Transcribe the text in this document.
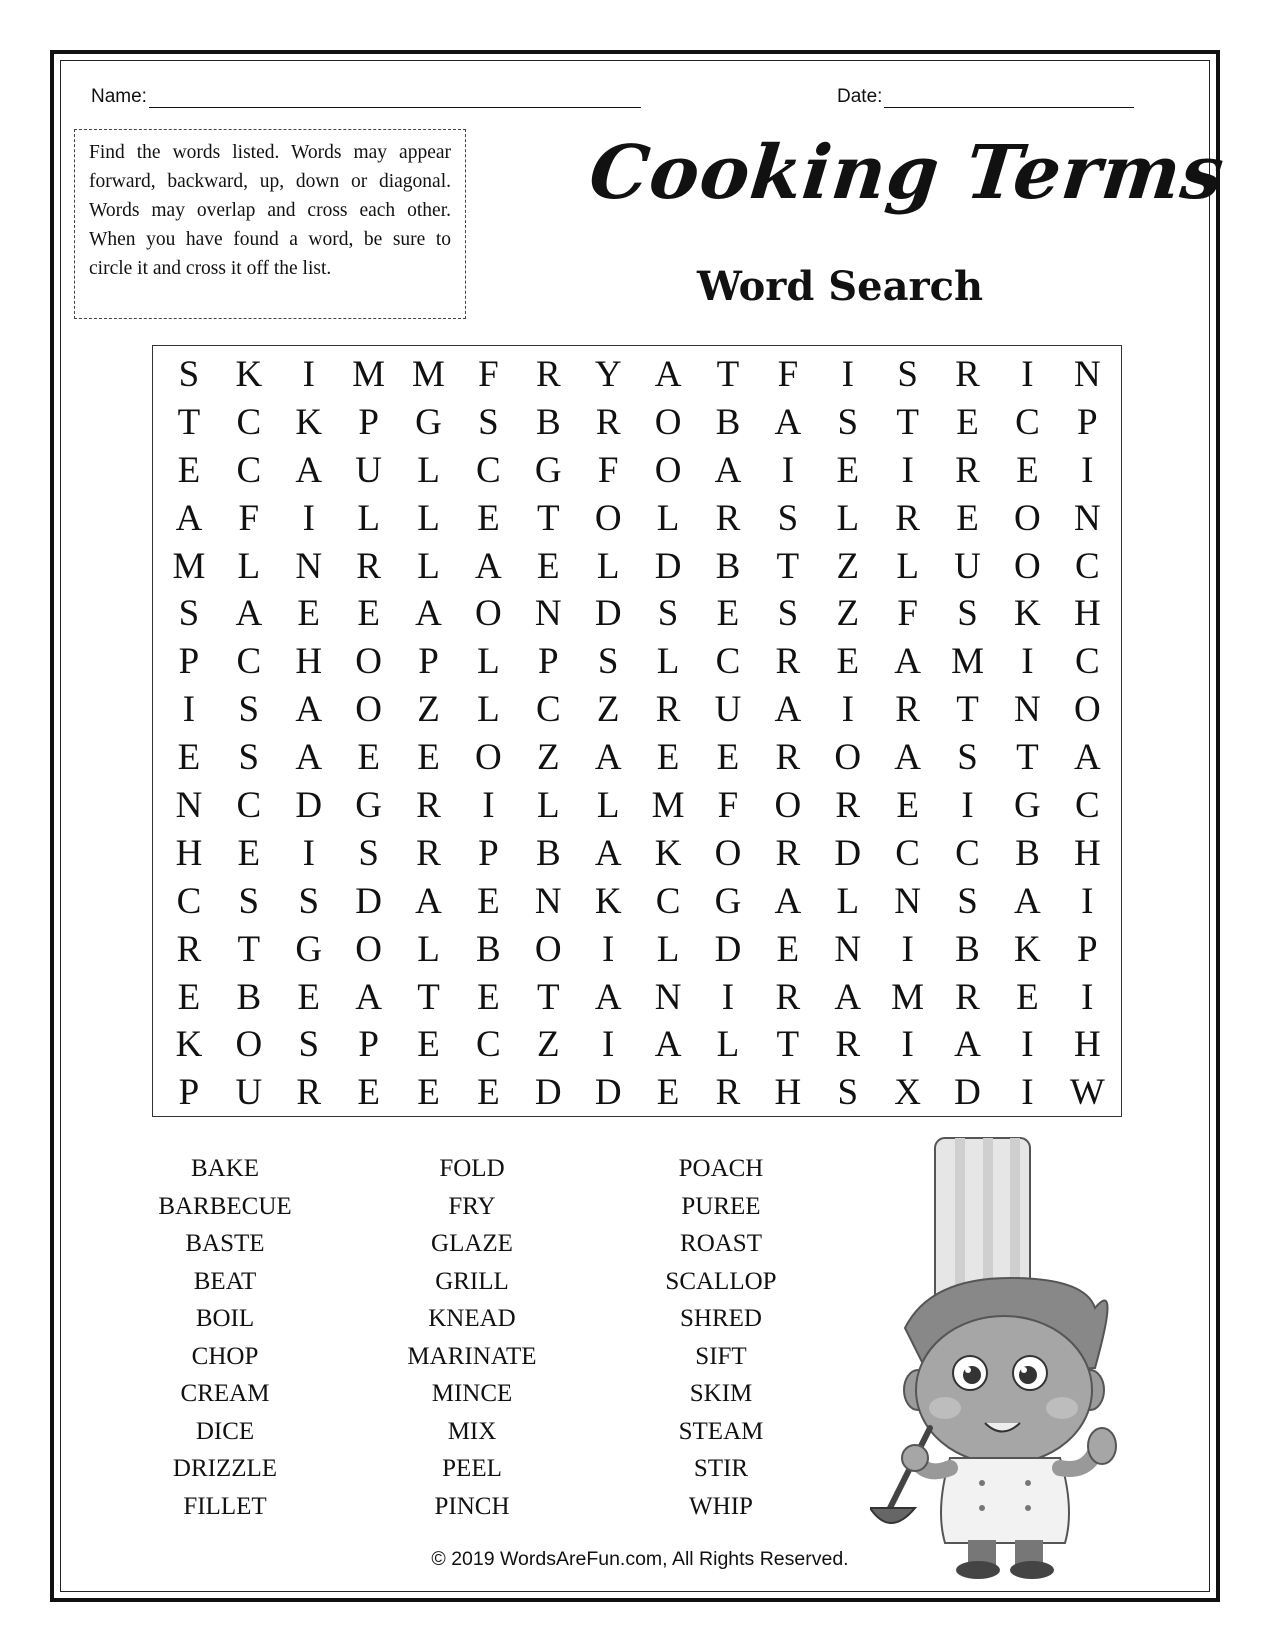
Name:	Date:
Find the words listed. Words may appear forward, backward, up, down or diagonal. Words may overlap and cross each other. When you have found a word, be sure to circle it and cross it off the list.
Cooking Terms
Word Search
S K	I	M M F	R Y A T	F	I	S	R	I	N
T C K P G S	B R O B A S	T	E C	P
E C A U L C G F O A	I	E	I	R E	I
A F	I	L	L	E	T O L R	S	L R E O N
M L N R L A E	L D B T	Z	L U O C
S A E	E A O N D S	E	S	Z	F	S K H
P	C H O P	L	P	S	L C R E A M	I	C
I	S A O Z	L C Z R U A	I	R T N O
E	S A E	E O Z A E	E R O A S	T A
N C D G R	I	L	L M F O R E	I	G C
H E	I	S	R	P	B A K O R D C C B H
C	S	S D A E N K C G A L N S A	I
R T G O L B O	I	L D E N	I	B K P
E B E A T	E	T A N	I	R A M R E	I
K O S	P	E C Z	I	A L	T R	I	A	I	H
P U R E	E	E D D E R H S X D	I W
BAKE
BARBECUE
BASTE
BEAT
BOIL
CHOP
CREAM
DICE
DRIZZLE
FILLET
FOLD
FRY
GLAZE
GRILL
KNEAD
MARINATE
MINCE
MIX
PEEL
PINCH
POACH
PUREE
ROAST
SCALLOP
SHRED
SIFT
SKIM
STEAM
STIR
WHIP
© 2019 WordsAreFun.com, All Rights Reserved.
